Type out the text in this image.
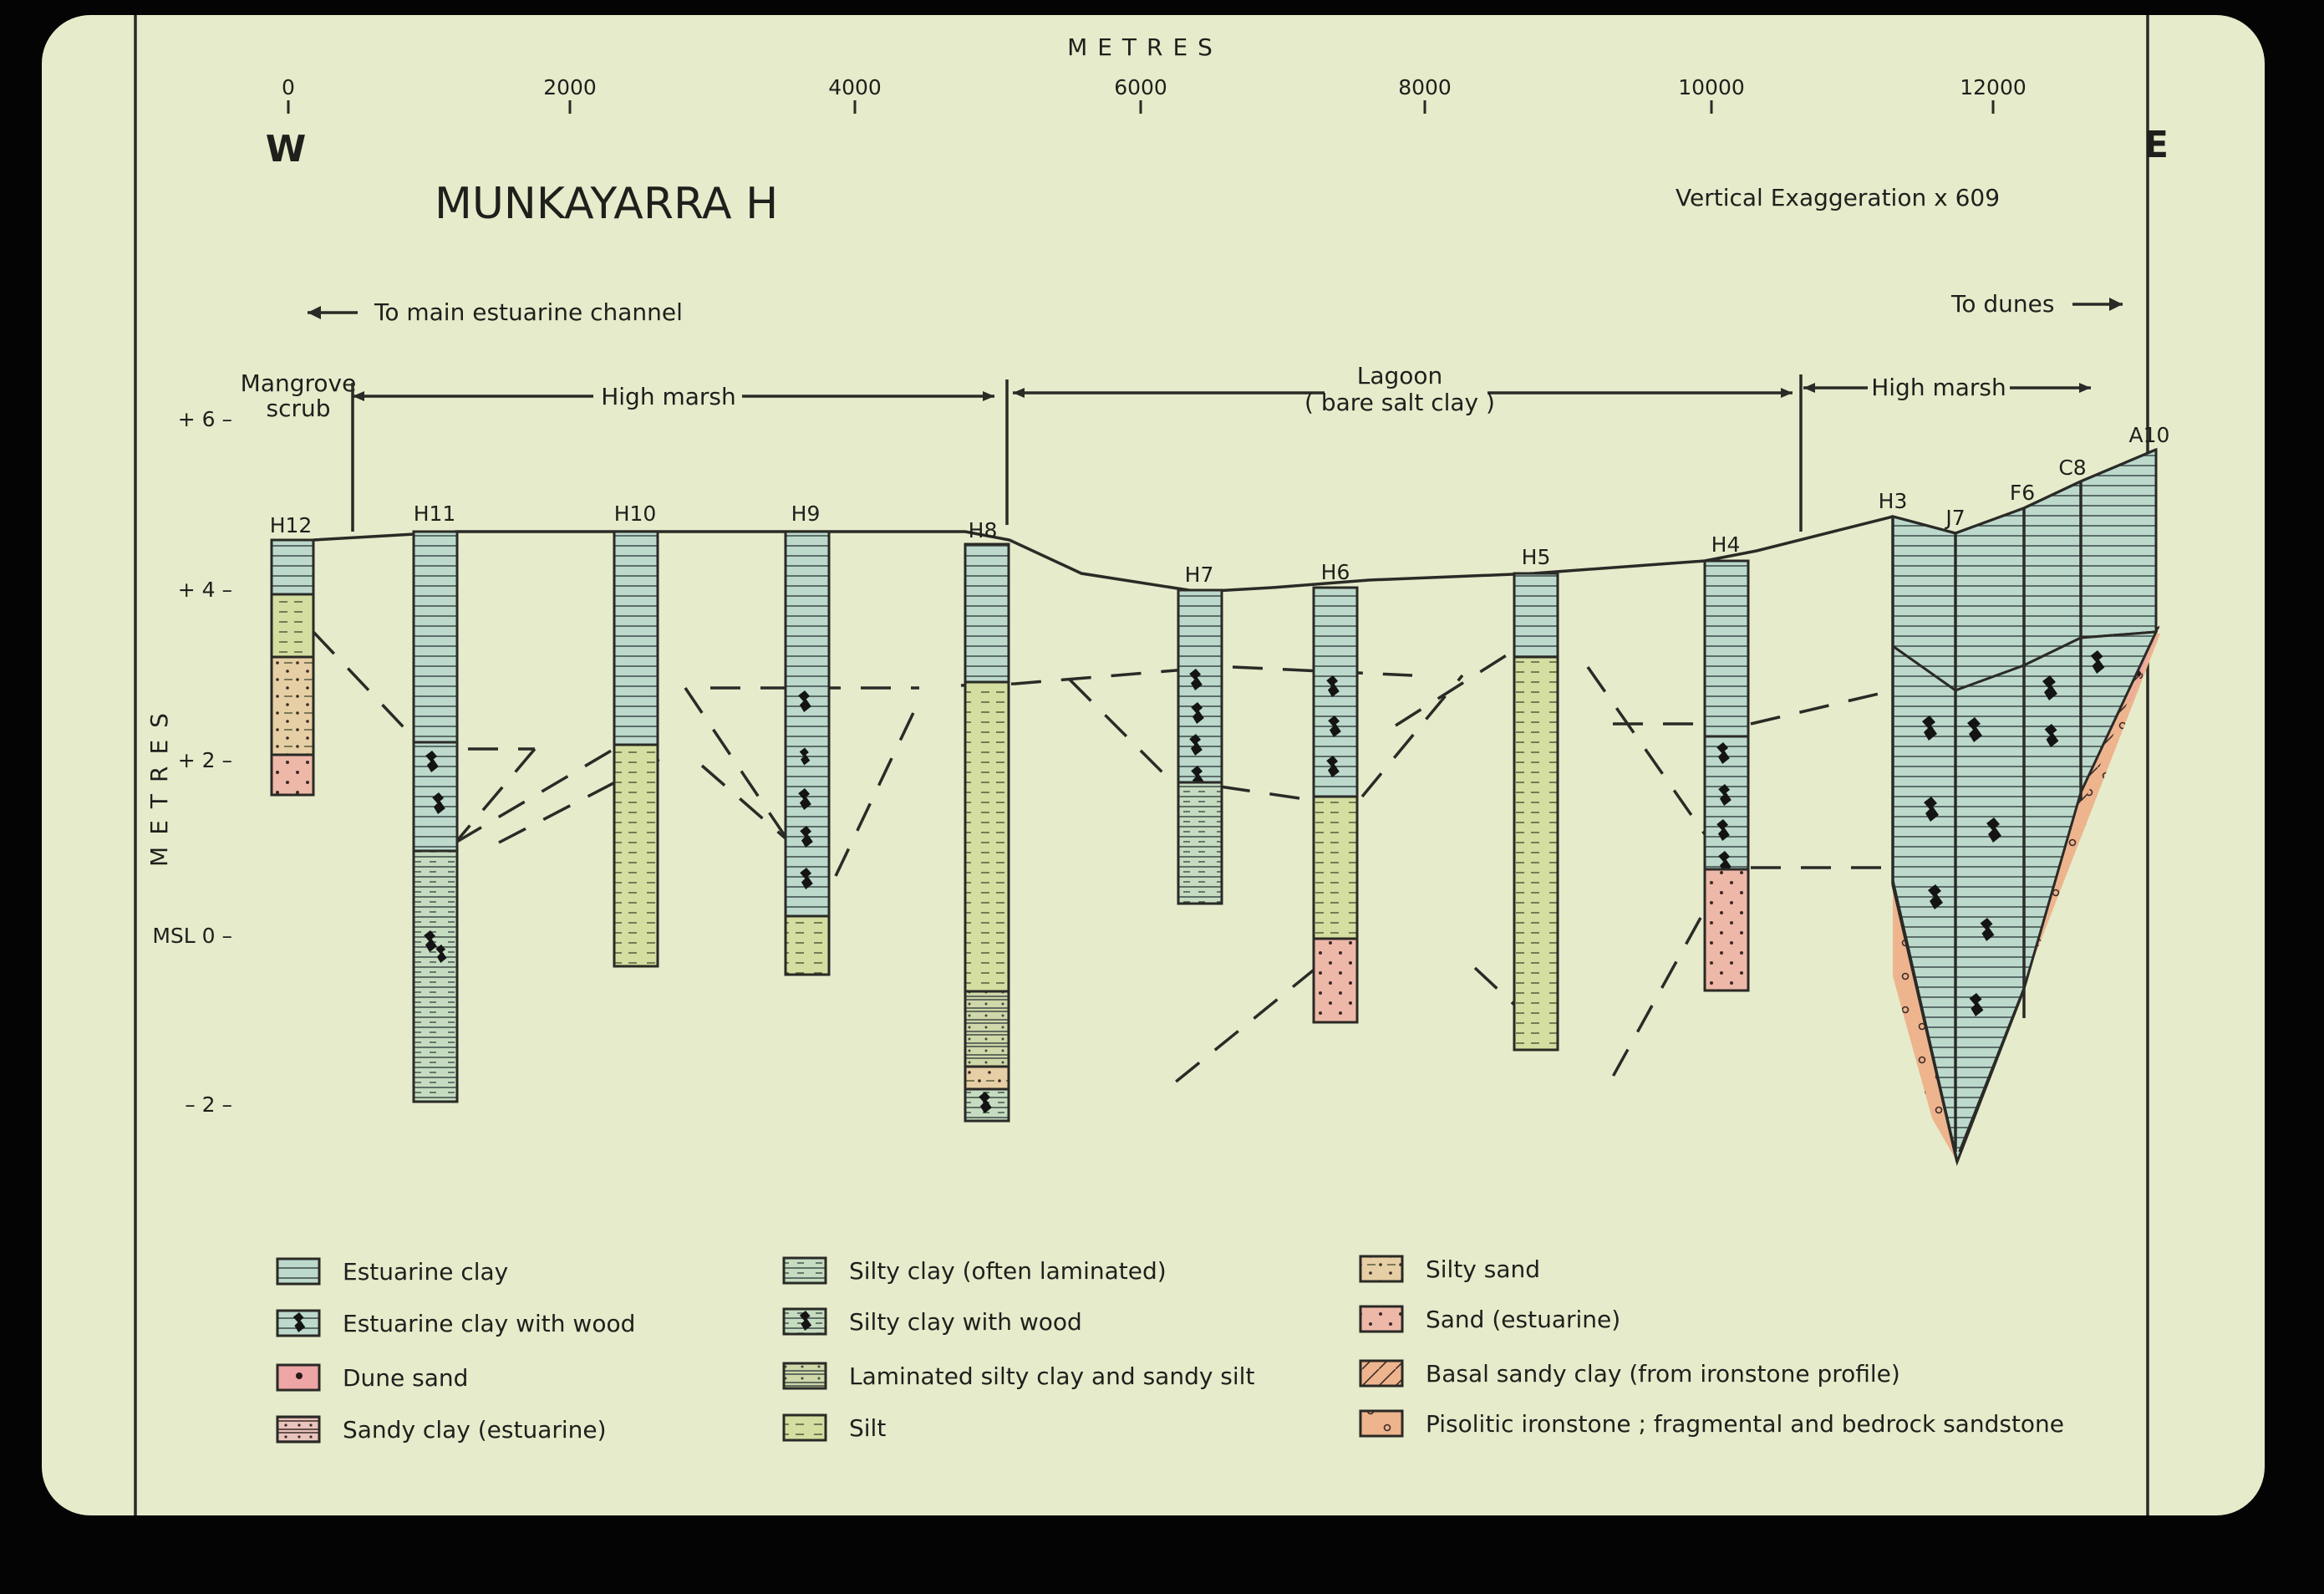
METRES
0	2000	4000	6000	8000	10000	12000
W	E
MUNKAYARRA H	Vertical Exaggeration x 609
To main estuarine channel	To dunes
Mangrove
scrub	High marsh
Lagoon
( bare salt clay )
High marsh
METRES
+ 6 –
+ 4 –
+ 2 –
MSL 0 –
– 2 –
H12	H11	H10	H9
H8
H7	H6
H5
H4
H3
J7
F6
C8
A10
Estuarine clay
Estuarine clay with wood
Dune sand
Sandy clay (estuarine)
Silty clay (often laminated)
Silty clay with wood
Laminated silty clay and sandy silt
Silt
Silty sand
Sand (estuarine)
Basal sandy clay (from ironstone profile)
Pisolitic ironstone ; fragmental and bedrock sandstone
